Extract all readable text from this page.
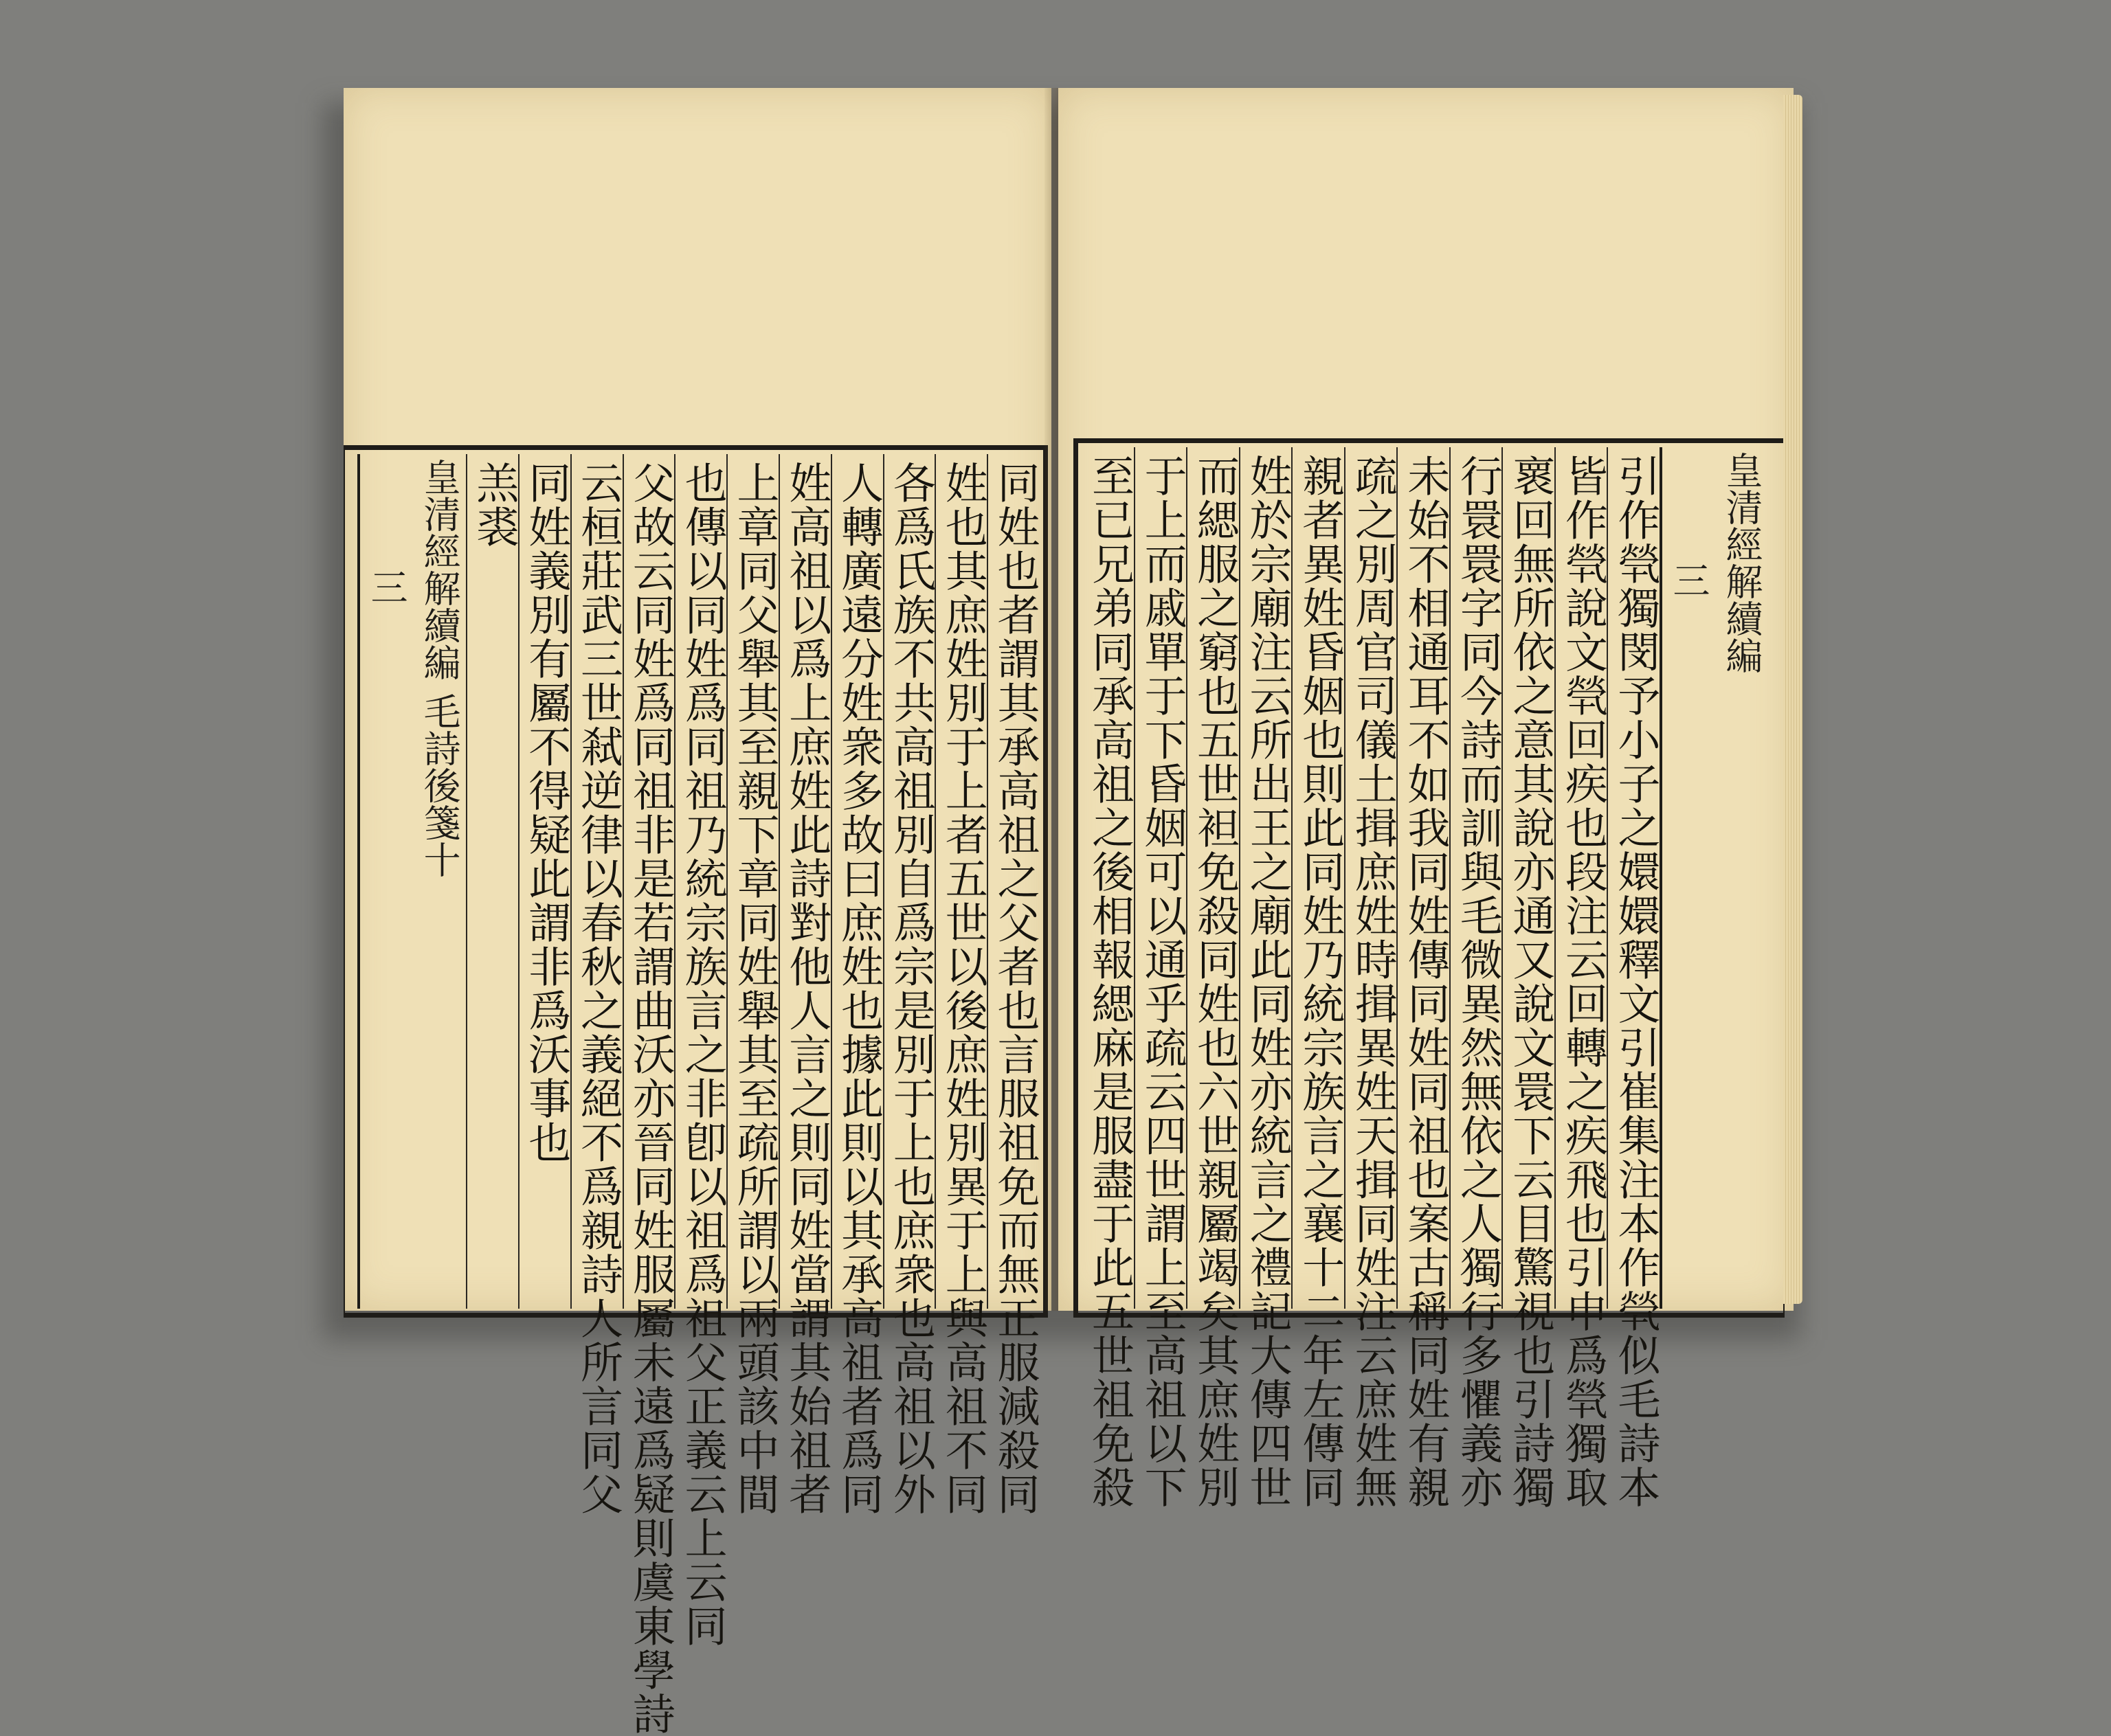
同姓也者謂其承高祖之父者也言服祖免而無正服減殺同
姓也其庶姓別于上者五世以後庶姓別異于上與高祖不同
各爲氏族不共高祖別自爲宗是別于上也庶衆也高祖以外
人轉廣遠分姓衆多故曰庶姓也據此則以其承高祖者爲同
姓高祖以爲上庶姓此詩對他人言之則同姓當謂其始祖者
上章同父舉其至親下章同姓舉其至疏所謂以兩頭該中間
也傳以同姓爲同祖乃統宗族言之非卽以祖爲祖父正義云上云同
父故云同姓爲同祖非是若謂曲沃亦晉同姓服屬未遠爲疑則虞東學詩
云桓莊武三世弒逆律以春秋之義絕不爲親詩人所言同父
同姓義別有屬不得疑此謂非爲沃事也
羔裘
皇清經解續編 毛詩後箋十
三	皇清經解續編
三
引作煢獨閔予小子之嬛嬛釋文引崔集注本作煢似毛詩本
皆作煢說文煢回疾也段注云回轉之疾飛也引申爲煢獨取
褱回無所依之意其說亦通又說文睘下云目驚視也引詩獨
行睘睘字同今詩而訓與毛微異然無依之人獨行多懼義亦
未始不相通耳不如我同姓傳同姓同祖也案古稱同姓有親
疏之別周官司儀土揖庶姓時揖異姓天揖同姓注云庶姓無
親者異姓昏姻也則此同姓乃統宗族言之襄十二年左傳同
姓於宗廟注云所出王之廟此同姓亦統言之禮記大傳四世
而緦服之窮也五世袒免殺同姓也六世親屬竭矣其庶姓別
于上而戚單于下昏姻可以通乎疏云四世謂上至高祖以下
至已兄弟同承高祖之後相報緦麻是服盡于此五世祖免殺
